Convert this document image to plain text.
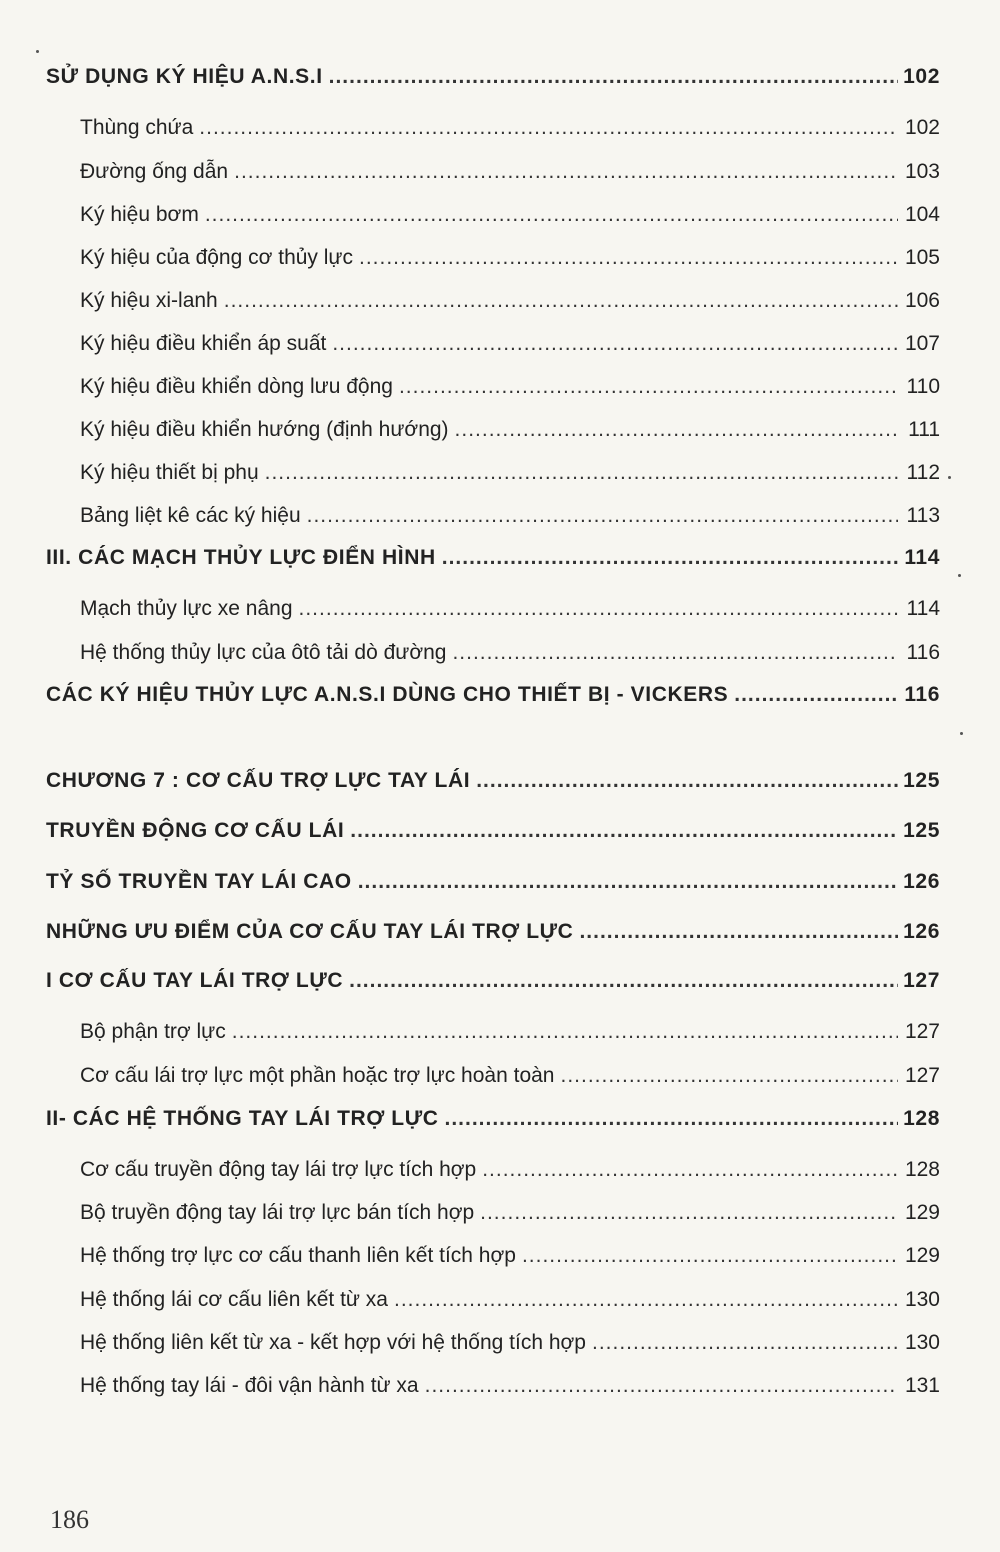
SỬ DỤNG KÝ HIỆU A.N.S.I .....	102
Thùng chứa .....	102
Đường ống dẫn .....	103
Ký hiệu bơm .....	104
Ký hiệu của động cơ thủy lực .....	105
Ký hiệu xi-lanh .....	106
Ký hiệu điều khiển áp suất .....	107
Ký hiệu điều khiển dòng lưu động .....	110
Ký hiệu điều khiển hướng (định hướng) .....	111
Ký hiệu thiết bị phụ .....	112
Bảng liệt kê các ký hiệu .....	113
III. CÁC MẠCH THỦY LỰC ĐIỂN HÌNH .....	114
Mạch thủy lực xe nâng .....	114
Hệ thống thủy lực của ôtô tải dò đường .....	116
CÁC KÝ HIỆU THỦY LỰC A.N.S.I DÙNG CHO THIẾT BỊ - VICKERS .....	116
CHƯƠNG 7 : CƠ CẤU TRỢ LỰC TAY LÁI .....	125
TRUYỀN ĐỘNG CƠ CẤU LÁI .....	125
TỶ SỐ TRUYỀN TAY LÁI CAO .....	126
NHỮNG ƯU ĐIỂM CỦA CƠ CẤU TAY LÁI TRỢ LỰC .....	126
I CƠ CẤU TAY LÁI TRỢ LỰC .....	127
Bộ phận trợ lực .....	127
Cơ cấu lái trợ lực một phần hoặc trợ lực hoàn toàn .....	127
II- CÁC HỆ THỐNG TAY LÁI TRỢ LỰC .....	128
Cơ cấu truyền động tay lái trợ lực tích hợp .....	128
Bộ truyền động tay lái trợ lực bán tích hợp .....	129
Hệ thống trợ lực cơ cấu thanh liên kết tích hợp .....	129
Hệ thống lái cơ cấu liên kết từ xa .....	130
Hệ thống liên kết từ xa - kết hợp với hệ thống tích hợp .....	130
Hệ thống tay lái - đôi vận hành từ xa .....	131
186
